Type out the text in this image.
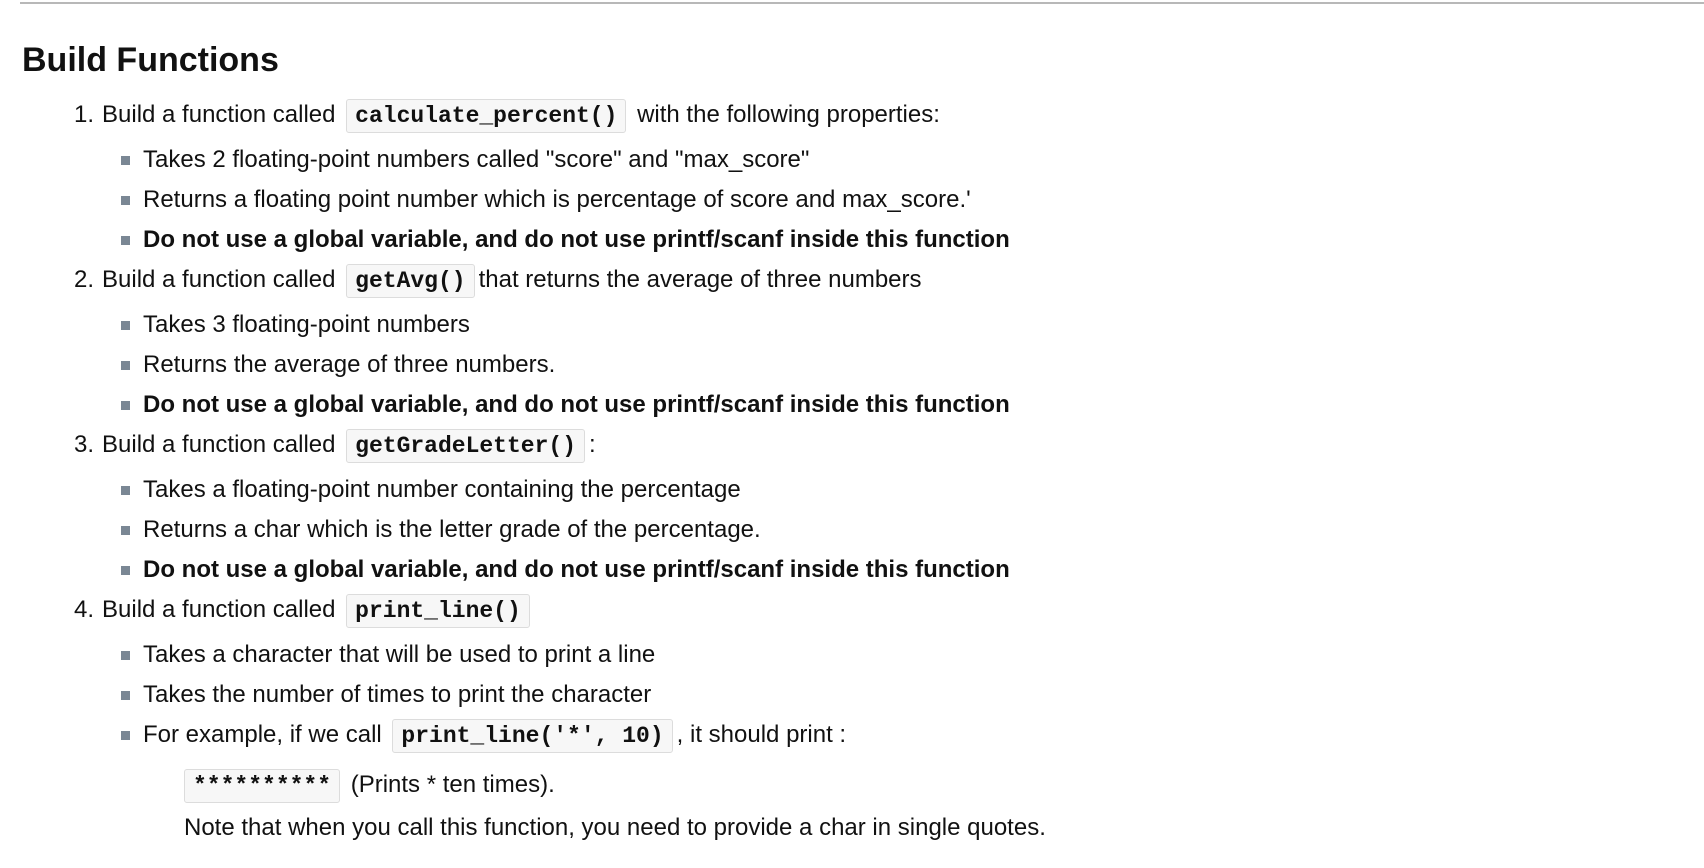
Build Functions
1. Build a function called calculate_percent() with the following properties:
Takes 2 floating-point numbers called "score" and "max_score"
Returns a floating point number which is percentage of score and max_score.'
Do not use a global variable, and do not use printf/scanf inside this function
2. Build a function called getAvg() that returns the average of three numbers
Takes 3 floating-point numbers
Returns the average of three numbers.
Do not use a global variable, and do not use printf/scanf inside this function
3. Build a function called getGradeLetter() :
Takes a floating-point number containing the percentage
Returns a char which is the letter grade of the percentage.
Do not use a global variable, and do not use printf/scanf inside this function
4. Build a function called print_line()
Takes a character that will be used to print a line
Takes the number of times to print the character
For example, if we call print_line('*', 10) , it should print :
********** (Prints * ten times).
Note that when you call this function, you need to provide a char in single quotes.
